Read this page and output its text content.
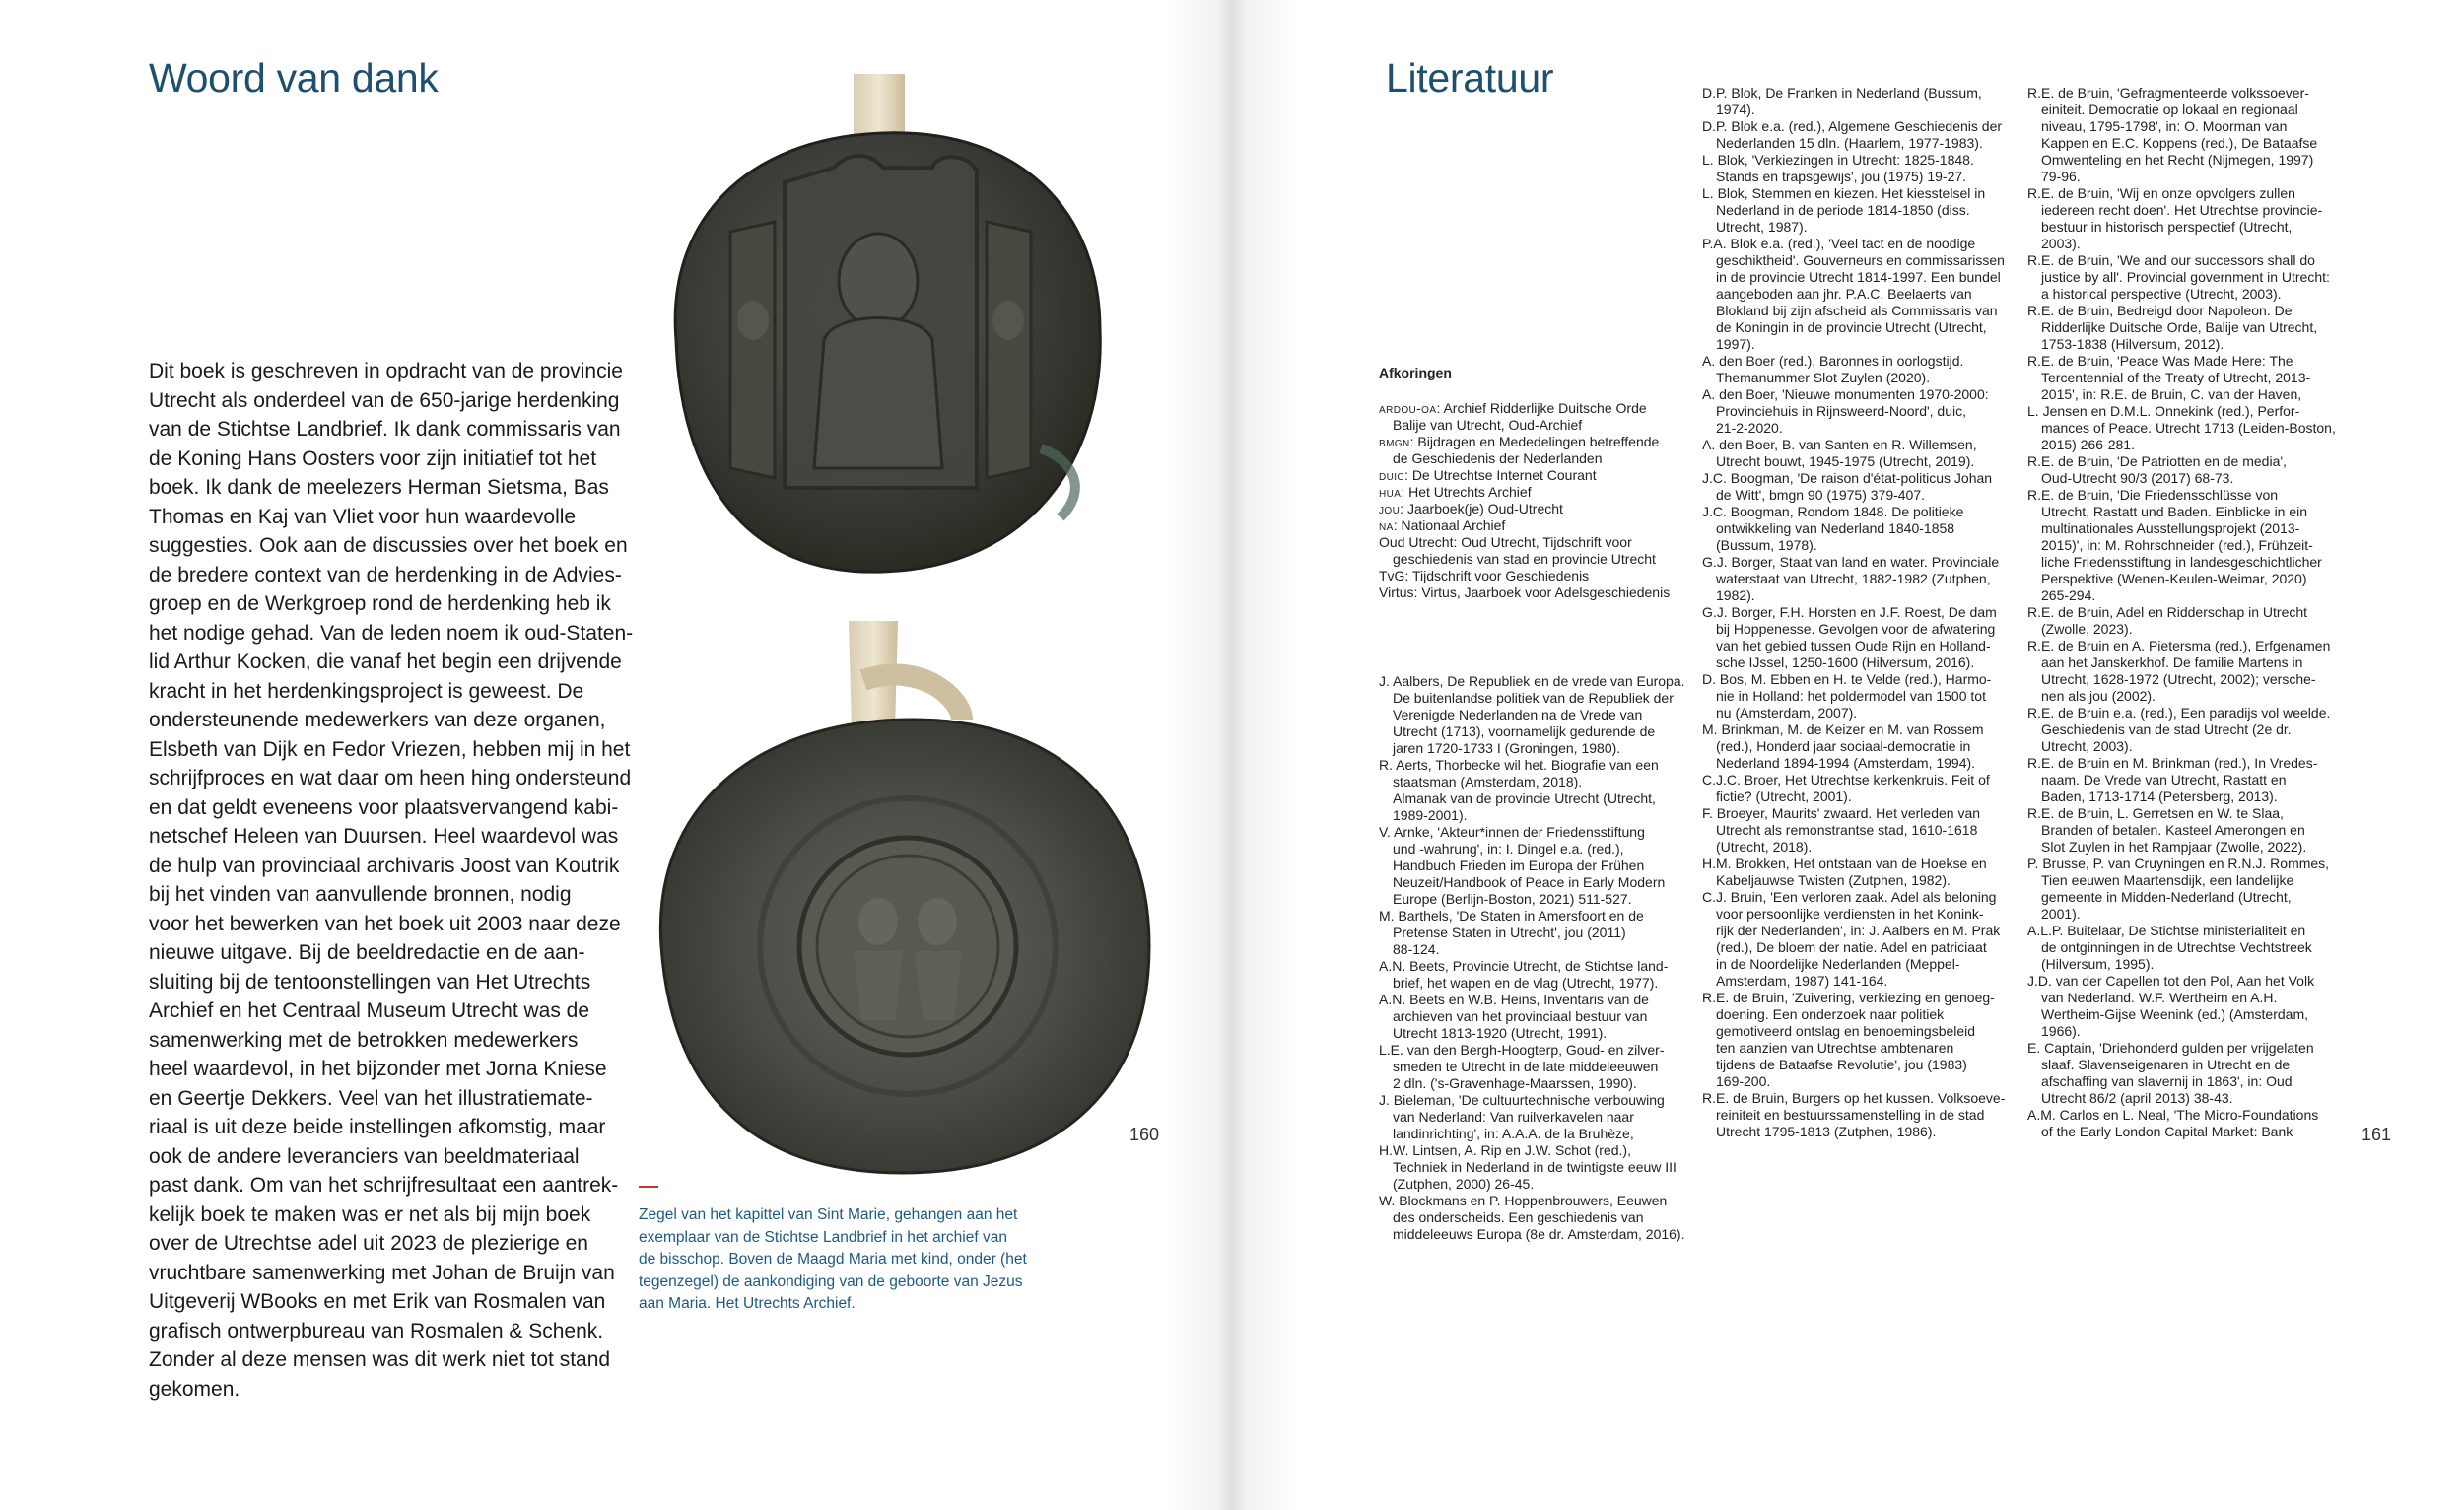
Woord van dank
Dit boek is geschreven in opdracht van de provincie
Utrecht als onderdeel van de 650-jarige herdenking
van de Stichtse Landbrief. Ik dank commissaris van
de Koning Hans Oosters voor zijn initiatief tot het
boek. Ik dank de meelezers Herman Sietsma, Bas
Thomas en Kaj van Vliet voor hun waardevolle
suggesties. Ook aan de discussies over het boek en
de bredere context van de herdenking in de Advies-
groep en de Werkgroep rond de herdenking heb ik
het nodige gehad. Van de leden noem ik oud-Staten-
lid Arthur Kocken, die vanaf het begin een drijvende
kracht in het herdenkingsproject is geweest. De
ondersteunende medewerkers van deze organen,
Elsbeth van Dijk en Fedor Vriezen, hebben mij in het
schrijfproces en wat daar om heen hing ondersteund
en dat geldt eveneens voor plaatsvervangend kabi-
netschef Heleen van Duursen. Heel waardevol was
de hulp van provinciaal archivaris Joost van Koutrik
bij het vinden van aanvullende bronnen, nodig
voor het bewerken van het boek uit 2003 naar deze
nieuwe uitgave. Bij de beeldredactie en de aan-
sluiting bij de tentoonstellingen van Het Utrechts
Archief en het Centraal Museum Utrecht was de
samenwerking met de betrokken medewerkers
heel waardevol, in het bijzonder met Jorna Kniese
en Geertje Dekkers. Veel van het illustratiemate-
riaal is uit deze beide instellingen afkomstig, maar
ook de andere leveranciers van beeldmateriaal
past dank. Om van het schrijfresultaat een aantrek-
kelijk boek te maken was er net als bij mijn boek
over de Utrechtse adel uit 2023 de plezierige en
vruchtbare samenwerking met Johan de Bruijn van
Uitgeverij WBooks en met Erik van Rosmalen van
grafisch ontwerpbureau van Rosmalen & Schenk.
Zonder al deze mensen was dit werk niet tot stand
gekomen.
Zegel van het kapittel van Sint Marie, gehangen aan het
exemplaar van de Stichtse Landbrief in het archief van
de bisschop. Boven de Maagd Maria met kind, onder (het
tegenzegel) de aankondiging van de geboorte van Jezus
aan Maria. Het Utrechts Archief.
160
Literatuur
Afkoringen
ardou-oa: Archief Ridderlijke Duitsche Orde
Balije van Utrecht, Oud-Archief
bmgn: Bijdragen en Mededelingen betreffende
de Geschiedenis der Nederlanden
duic: De Utrechtse Internet Courant
hua: Het Utrechts Archief
jou: Jaarboek(je) Oud-Utrecht
na: Nationaal Archief
Oud Utrecht: Oud Utrecht, Tijdschrift voor
geschiedenis van stad en provincie Utrecht
TvG: Tijdschrift voor Geschiedenis
Virtus: Virtus, Jaarboek voor Adelsgeschiedenis
J. Aalbers, De Republiek en de vrede van Europa.
De buitenlandse politiek van de Republiek der
Verenigde Nederlanden na de Vrede van
Utrecht (1713), voornamelijk gedurende de
jaren 1720-1733 I (Groningen, 1980).
R. Aerts, Thorbecke wil het. Biografie van een
staatsman (Amsterdam, 2018).
Almanak van de provincie Utrecht (Utrecht,
1989-2001).
V. Arnke, 'Akteur*innen der Friedensstiftung
und -wahrung', in: I. Dingel e.a. (red.),
Handbuch Frieden im Europa der Frühen
Neuzeit/Handbook of Peace in Early Modern
Europe (Berlijn-Boston, 2021) 511-527.
M. Barthels, 'De Staten in Amersfoort en de
Pretense Staten in Utrecht', jou (2011)
88-124.
A.N. Beets, Provincie Utrecht, de Stichtse land-
brief, het wapen en de vlag (Utrecht, 1977).
A.N. Beets en W.B. Heins, Inventaris van de
archieven van het provinciaal bestuur van
Utrecht 1813-1920 (Utrecht, 1991).
L.E. van den Bergh-Hoogterp, Goud- en zilver-
smeden te Utrecht in de late middeleeuwen
2 dln. ('s-Gravenhage-Maarssen, 1990).
J. Bieleman, 'De cultuurtechnische verbouwing
van Nederland: Van ruilverkavelen naar
landinrichting', in: A.A.A. de la Bruhèze,
H.W. Lintsen, A. Rip en J.W. Schot (red.),
Techniek in Nederland in de twintigste eeuw III
(Zutphen, 2000) 26-45.
W. Blockmans en P. Hoppenbrouwers, Eeuwen
des onderscheids. Een geschiedenis van
middeleeuws Europa (8e dr. Amsterdam, 2016).
D.P. Blok, De Franken in Nederland (Bussum,
1974).
D.P. Blok e.a. (red.), Algemene Geschiedenis der
Nederlanden 15 dln. (Haarlem, 1977-1983).
L. Blok, 'Verkiezingen in Utrecht: 1825-1848.
Stands en trapsgewijs', jou (1975) 19-27.
L. Blok, Stemmen en kiezen. Het kiesstelsel in
Nederland in de periode 1814-1850 (diss.
Utrecht, 1987).
P.A. Blok e.a. (red.), 'Veel tact en de noodige
geschiktheid'. Gouverneurs en commissarissen
in de provincie Utrecht 1814-1997. Een bundel
aangeboden aan jhr. P.A.C. Beelaerts van
Blokland bij zijn afscheid als Commissaris van
de Koningin in de provincie Utrecht (Utrecht,
1997).
A. den Boer (red.), Baronnes in oorlogstijd.
Themanummer Slot Zuylen (2020).
A. den Boer, 'Nieuwe monumenten 1970-2000:
Provinciehuis in Rijnsweerd-Noord', duic,
21-2-2020.
A. den Boer, B. van Santen en R. Willemsen,
Utrecht bouwt, 1945-1975 (Utrecht, 2019).
J.C. Boogman, 'De raison d'état-politicus Johan
de Witt', bmgn 90 (1975) 379-407.
J.C. Boogman, Rondom 1848. De politieke
ontwikkeling van Nederland 1840-1858
(Bussum, 1978).
G.J. Borger, Staat van land en water. Provinciale
waterstaat van Utrecht, 1882-1982 (Zutphen,
1982).
G.J. Borger, F.H. Horsten en J.F. Roest, De dam
bij Hoppenesse. Gevolgen voor de afwatering
van het gebied tussen Oude Rijn en Holland-
sche IJssel, 1250-1600 (Hilversum, 2016).
D. Bos, M. Ebben en H. te Velde (red.), Harmo-
nie in Holland: het poldermodel van 1500 tot
nu (Amsterdam, 2007).
M. Brinkman, M. de Keizer en M. van Rossem
(red.), Honderd jaar sociaal-democratie in
Nederland 1894-1994 (Amsterdam, 1994).
C.J.C. Broer, Het Utrechtse kerkenkruis. Feit of
fictie? (Utrecht, 2001).
F. Broeyer, Maurits' zwaard. Het verleden van
Utrecht als remonstrantse stad, 1610-1618
(Utrecht, 2018).
H.M. Brokken, Het ontstaan van de Hoekse en
Kabeljauwse Twisten (Zutphen, 1982).
C.J. Bruin, 'Een verloren zaak. Adel als beloning
voor persoonlijke verdiensten in het Konink-
rijk der Nederlanden', in: J. Aalbers en M. Prak
(red.), De bloem der natie. Adel en patriciaat
in de Noordelijke Nederlanden (Meppel-
Amsterdam, 1987) 141-164.
R.E. de Bruin, 'Zuivering, verkiezing en genoeg-
doening. Een onderzoek naar politiek
gemotiveerd ontslag en benoemingsbeleid
ten aanzien van Utrechtse ambtenaren
tijdens de Bataafse Revolutie', jou (1983)
169-200.
R.E. de Bruin, Burgers op het kussen. Volksoeve-
reiniteit en bestuurssamenstelling in de stad
Utrecht 1795-1813 (Zutphen, 1986).
R.E. de Bruin, 'Gefragmenteerde volkssoever-
einiteit. Democratie op lokaal en regionaal
niveau, 1795-1798', in: O. Moorman van
Kappen en E.C. Koppens (red.), De Bataafse
Omwenteling en het Recht (Nijmegen, 1997)
79-96.
R.E. de Bruin, 'Wij en onze opvolgers zullen
iedereen recht doen'. Het Utrechtse provincie-
bestuur in historisch perspectief (Utrecht,
2003).
R.E. de Bruin, 'We and our successors shall do
justice by all'. Provincial government in Utrecht:
a historical perspective (Utrecht, 2003).
R.E. de Bruin, Bedreigd door Napoleon. De
Ridderlijke Duitsche Orde, Balije van Utrecht,
1753-1838 (Hilversum, 2012).
R.E. de Bruin, 'Peace Was Made Here: The
Tercentennial of the Treaty of Utrecht, 2013-
2015', in: R.E. de Bruin, C. van der Haven,
L. Jensen en D.M.L. Onnekink (red.), Perfor-
mances of Peace. Utrecht 1713 (Leiden-Boston,
2015) 266-281.
R.E. de Bruin, 'De Patriotten en de media',
Oud-Utrecht 90/3 (2017) 68-73.
R.E. de Bruin, 'Die Friedensschlüsse von
Utrecht, Rastatt und Baden. Einblicke in ein
multinationales Ausstellungsprojekt (2013-
2015)', in: M. Rohrschneider (red.), Frühzeit-
liche Friedensstiftung in landesgeschichtlicher
Perspektive (Wenen-Keulen-Weimar, 2020)
265-294.
R.E. de Bruin, Adel en Ridderschap in Utrecht
(Zwolle, 2023).
R.E. de Bruin en A. Pietersma (red.), Erfgenamen
aan het Janskerkhof. De familie Martens in
Utrecht, 1628-1972 (Utrecht, 2002); versche-
nen als jou (2002).
R.E. de Bruin e.a. (red.), Een paradijs vol weelde.
Geschiedenis van de stad Utrecht (2e dr.
Utrecht, 2003).
R.E. de Bruin en M. Brinkman (red.), In Vredes-
naam. De Vrede van Utrecht, Rastatt en
Baden, 1713-1714 (Petersberg, 2013).
R.E. de Bruin, L. Gerretsen en W. te Slaa,
Branden of betalen. Kasteel Amerongen en
Slot Zuylen in het Rampjaar (Zwolle, 2022).
P. Brusse, P. van Cruyningen en R.N.J. Rommes,
Tien eeuwen Maartensdijk, een landelijke
gemeente in Midden-Nederland (Utrecht,
2001).
A.L.P. Buitelaar, De Stichtse ministerialiteit en
de ontginningen in de Utrechtse Vechtstreek
(Hilversum, 1995).
J.D. van der Capellen tot den Pol, Aan het Volk
van Nederland. W.F. Wertheim en A.H.
Wertheim-Gijse Weenink (ed.) (Amsterdam,
1966).
E. Captain, 'Driehonderd gulden per vrijgelaten
slaaf. Slavenseigenaren in Utrecht en de
afschaffing van slavernij in 1863', in: Oud
Utrecht 86/2 (april 2013) 38-43.
A.M. Carlos en L. Neal, 'The Micro-Foundations
of the Early London Capital Market: Bank	161
